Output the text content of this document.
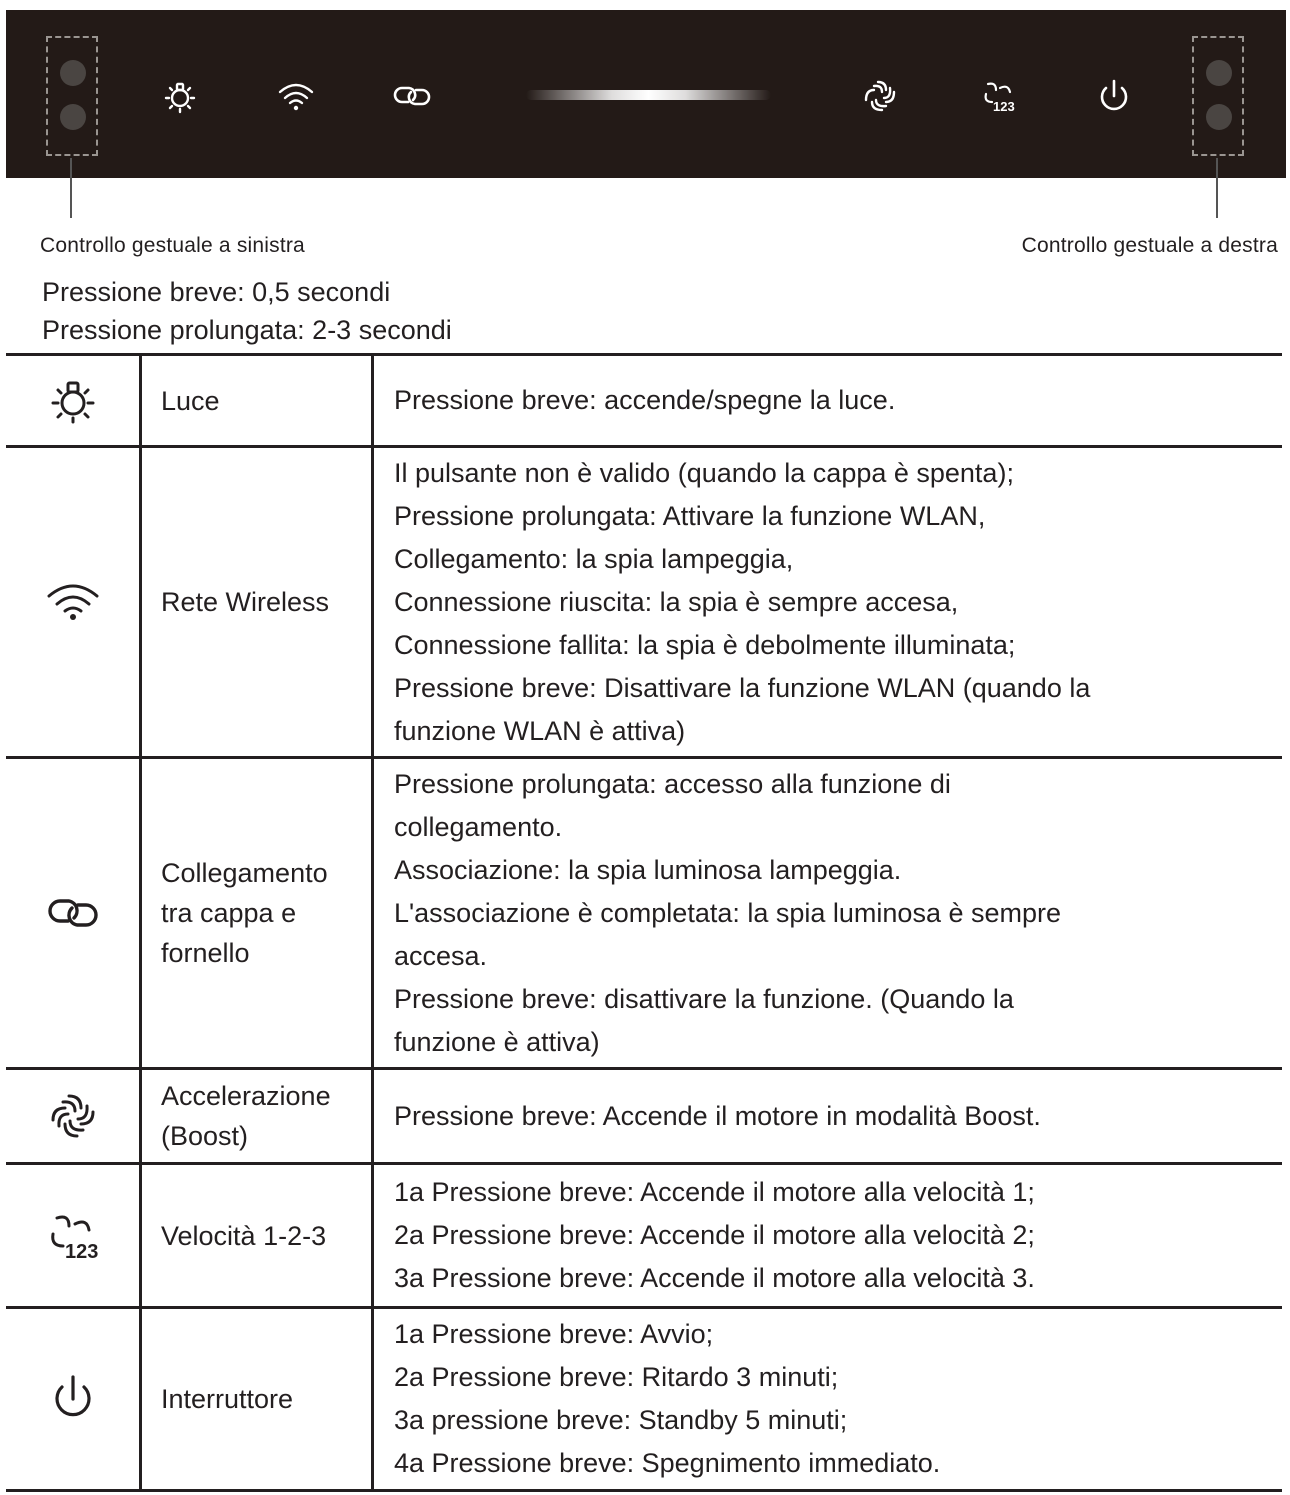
123
Controllo gestuale a sinistra	Controllo gestuale a destra
Pressione breve: 0,5 secondi
Pressione prolungata: 2-3 secondi
Luce	Pressione breve: accende/spegne la luce.
Rete Wireless
Il pulsante non è valido (quando la cappa è spenta);
Pressione prolungata: Attivare la funzione WLAN,
Collegamento: la spia lampeggia,
Connessione riuscita: la spia è sempre accesa,
Connessione fallita: la spia è debolmente illuminata;
Pressione breve: Disattivare la funzione WLAN (quando la
funzione WLAN è attiva)
Collegamento
tra cappa e
fornello
Pressione prolungata: accesso alla funzione di
collegamento.
Associazione: la spia luminosa lampeggia.
L'associazione è completata: la spia luminosa è sempre
accesa.
Pressione breve: disattivare la funzione. (Quando la
funzione è attiva)
Accelerazione
(Boost)
Pressione breve: Accende il motore in modalità Boost.
123
Velocità 1-2-3
1a Pressione breve: Accende il motore alla velocità 1;
2a Pressione breve: Accende il motore alla velocità 2;
3a Pressione breve: Accende il motore alla velocità 3.
Interruttore
1a Pressione breve: Avvio;
2a Pressione breve: Ritardo 3 minuti;
3a pressione breve: Standby 5 minuti;
4a Pressione breve: Spegnimento immediato.
